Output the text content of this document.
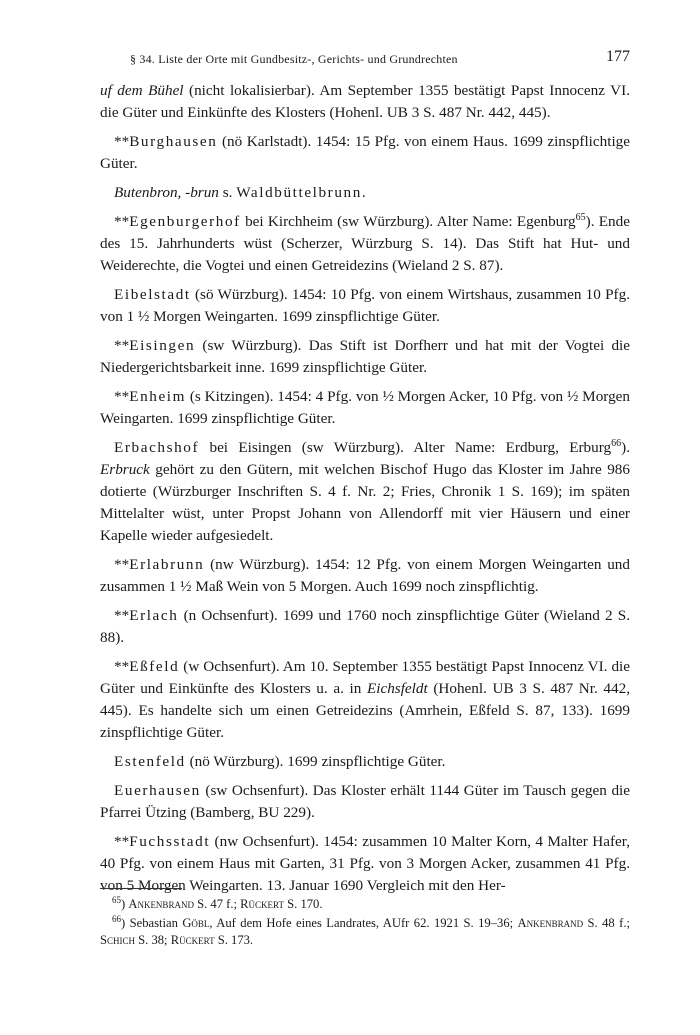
§ 34. Liste der Orte mit Gundbesitz-, Gerichts- und Grundrechten	177

uf dem Bühel (nicht lokalisierbar). Am September 1355 bestätigt Papst Innocenz VI. die Güter und Einkünfte des Klosters (Hohenl. UB 3 S. 487 Nr. 442, 445).

**Burghausen (nö Karlstadt). 1454: 15 Pfg. von einem Haus. 1699 zinspflichtige Güter.

Butenbron, -brun s. Waldbüttelbrunn.

**Egenburgerhof bei Kirchheim (sw Würzburg). Alter Name: Egenburg$^{65}$). Ende des 15. Jahrhunderts wüst (Scherzer, Würzburg S. 14). Das Stift hat Hut- und Weiderechte, die Vogtei und einen Getreidezins (Wieland 2 S. 87).

Eibelstadt (sö Würzburg). 1454: 10 Pfg. von einem Wirtshaus, zusammen 10 Pfg. von 1 ½ Morgen Weingarten. 1699 zinspflichtige Güter.

**Eisingen (sw Würzburg). Das Stift ist Dorfherr und hat mit der Vogtei die Niedergerichtsbarkeit inne. 1699 zinspflichtige Güter.

**Enheim (s Kitzingen). 1454: 4 Pfg. von ½ Morgen Acker, 10 Pfg. von ½ Morgen Weingarten. 1699 zinspflichtige Güter.

Erbachshof bei Eisingen (sw Würzburg). Alter Name: Erdburg, Erburg$^{66}$). Erbruck gehört zu den Gütern, mit welchen Bischof Hugo das Kloster im Jahre 986 dotierte (Würzburger Inschriften S. 4 f. Nr. 2; Fries, Chronik 1 S. 169); im späten Mittelalter wüst, unter Propst Johann von Allendorff mit vier Häusern und einer Kapelle wieder aufgesiedelt.

**Erlabrunn (nw Würzburg). 1454: 12 Pfg. von einem Morgen Weingarten und zusammen 1 ½ Maß Wein von 5 Morgen. Auch 1699 noch zinspflichtig.

**Erlach (n Ochsenfurt). 1699 und 1760 noch zinspflichtige Güter (Wieland 2 S. 88).

**Eßfeld (w Ochsenfurt). Am 10. September 1355 bestätigt Papst Innocenz VI. die Güter und Einkünfte des Klosters u. a. in Eichsfeldt (Hohenl. UB 3 S. 487 Nr. 442, 445). Es handelte sich um einen Getreidezins (Amrhein, Eßfeld S. 87, 133). 1699 zinspflichtige Güter.

Estenfeld (nö Würzburg). 1699 zinspflichtige Güter.

Euerhausen (sw Ochsenfurt). Das Kloster erhält 1144 Güter im Tausch gegen die Pfarrei Ützing (Bamberg, BU 229).

**Fuchsstadt (nw Ochsenfurt). 1454: zusammen 10 Malter Korn, 4 Malter Hafer, 40 Pfg. von einem Haus mit Garten, 31 Pfg. von 3 Morgen Acker, zusammen 41 Pfg. von 5 Morgen Weingarten. 13. Januar 1690 Vergleich mit den Her-

$^{65}$) Ankenbrand S. 47 f.; Rückert S. 170.
$^{66}$) Sebastian Göbl, Auf dem Hofe eines Landrates, AUfr 62. 1921 S. 19–36; Ankenbrand S. 48 f.; Schich S. 38; Rückert S. 173.
